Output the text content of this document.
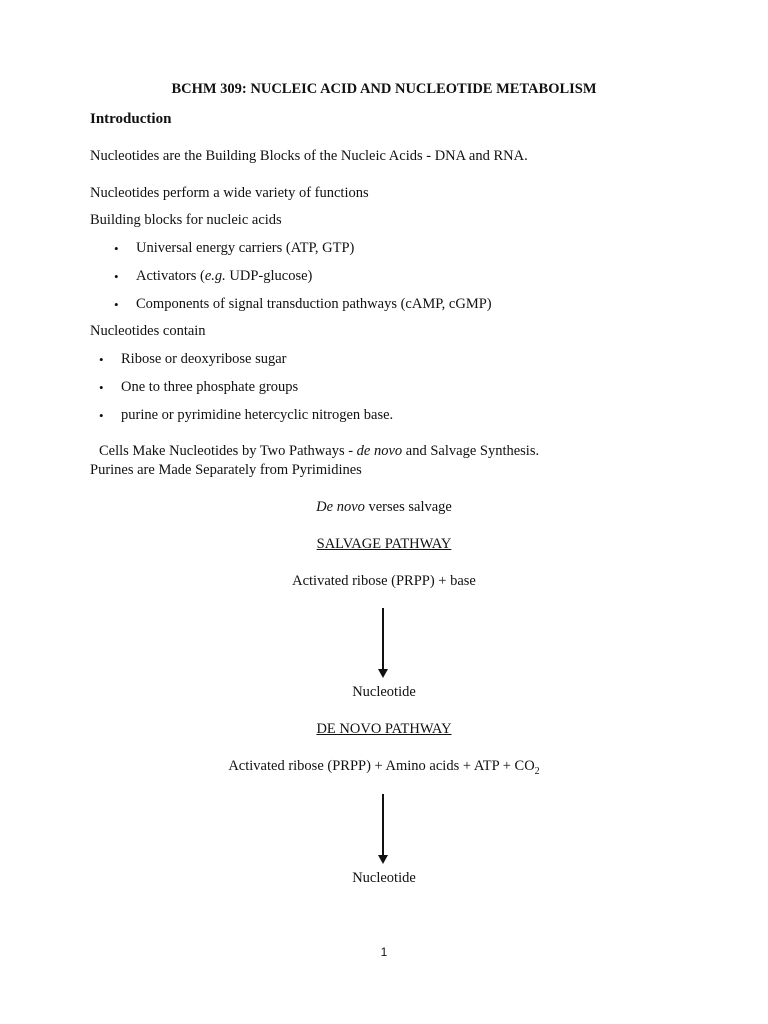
BCHM 309: NUCLEIC ACID AND NUCLEOTIDE METABOLISM
Introduction
Nucleotides are the Building Blocks of the Nucleic Acids - DNA and RNA.
Nucleotides perform a wide variety of functions
Building blocks for nucleic acids
• Universal energy carriers (ATP, GTP)
• Activators (e.g. UDP-glucose)
• Components of signal transduction pathways (cAMP, cGMP)
Nucleotides contain
• Ribose or deoxyribose sugar
• One to three phosphate groups
• purine or pyrimidine hetercyclic nitrogen base.
Cells Make Nucleotides by Two Pathways - de novo and Salvage Synthesis.
Purines are Made Separately from Pyrimidines
De novo verses salvage
SALVAGE PATHWAY
Activated ribose (PRPP) + base
Nucleotide
DE NOVO PATHWAY
Activated ribose (PRPP) + Amino acids + ATP + $CO_2$
Nucleotide
1
